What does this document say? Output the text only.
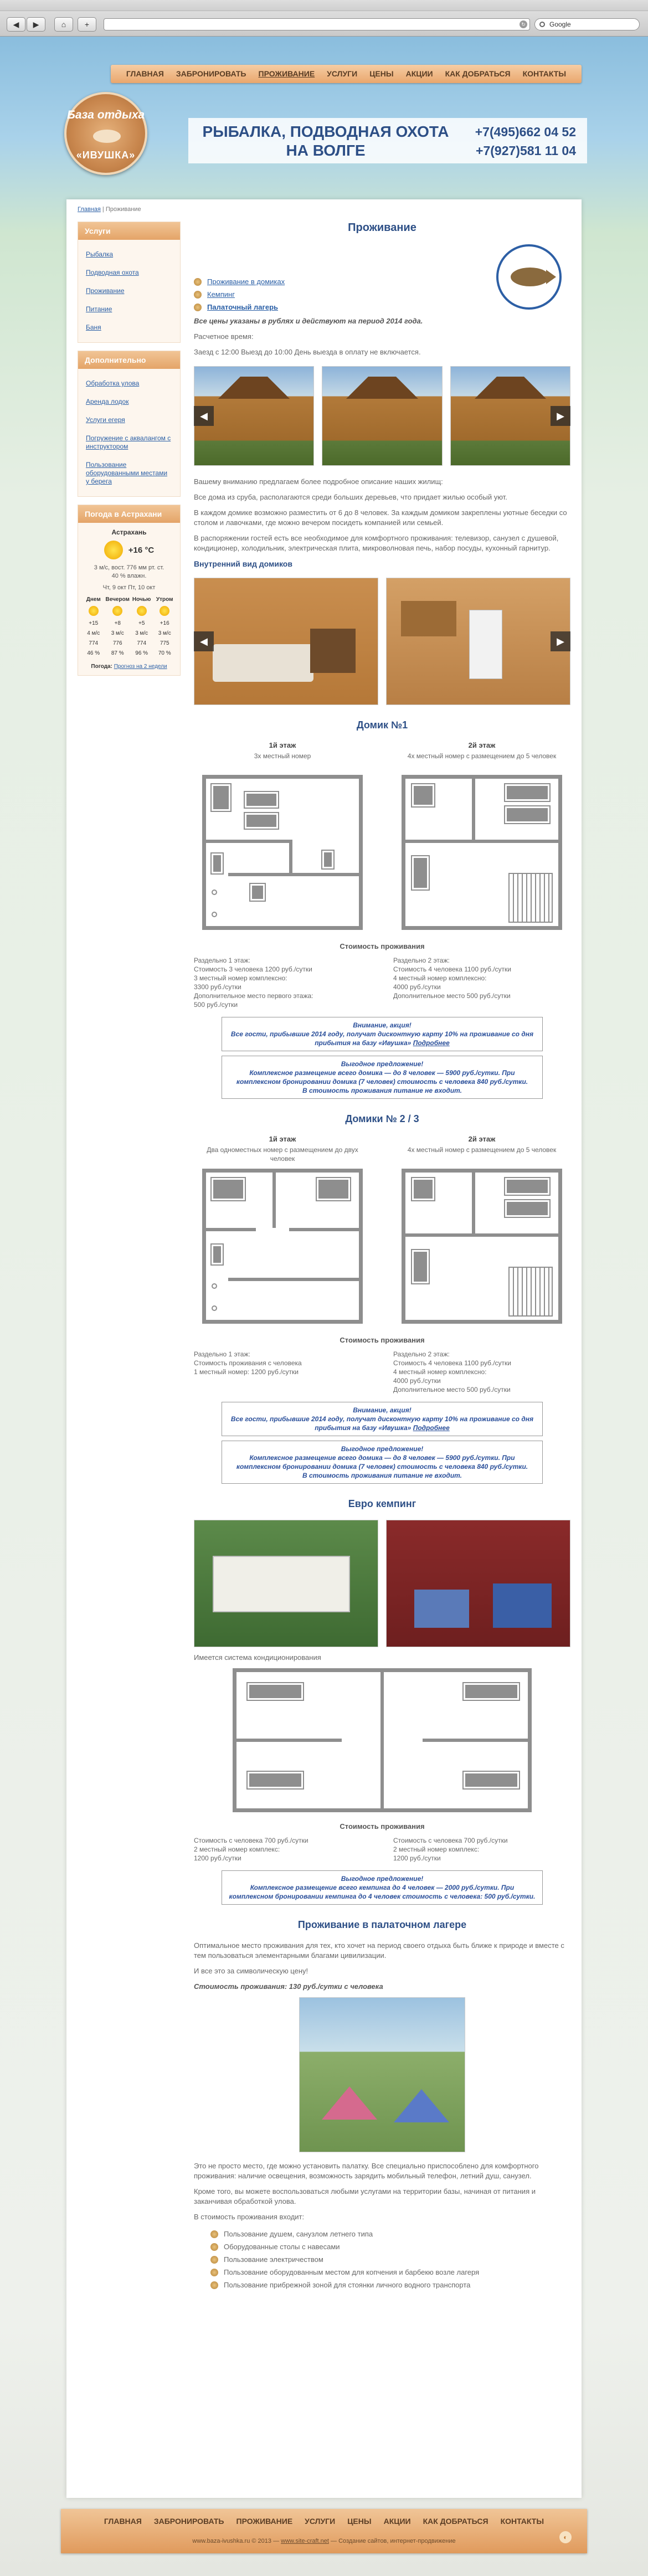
◀	▶	⌂	+	↻	Google
ГЛАВНАЯ ЗАБРОНИРОВАТЬ ПРОЖИВАНИЕ УСЛУГИ ЦЕНЫ АКЦИИ КАК ДОБРАТЬСЯ КОНТАКТЫ
База отдыха
«ИВУШКА»
РЫБАЛКА, ПОДВОДНАЯ ОХОТА
НА ВОЛГЕ
+7(495)662 04 52
+7(927)581 11 04
Главная | Проживание
Услуги
Рыбалка
Подводная охота
Проживание
Питание
Баня
Дополнительно
Обработка улова
Аренда лодок
Услуги егеря
Погружение с аквалангом с инструктором
Пользование оборудованными местами у берега
Погода в Астрахани
Астрахань
+16 °C
3 м/с, вост. 776 мм рт. ст.
40 % влажн.
Чт, 9 окт Пт, 10 окт
Днем Вечером Ночью Утром
+15	+8	+5	+16
4 м/с	3 м/с	3 м/с	3 м/с
774	776	774	775
46 %	87 %	96 %	70 %
Погода: Прогноз на 2 недели
Проживание
Проживание в домиках
Кемпинг
Палаточный лагерь

Все цены указаны в рублях и действуют на период 2014 года.

Расчетное время:

Заезд с 12:00 Выезд до 10:00 День выезда в оплату не включается.

◀	▶

Вашему вниманию предлагаем более подробное описание наших жилищ:

Все дома из сруба, располагаются среди больших деревьев, что придает жилью особый уют.

В каждом домике возможно разместить от 6 до 8 человек. За каждым домиком закреплены уютные беседки со столом и лавочками, где можно вечером посидеть компанией или семьей.

В распоряжении гостей есть все необходимое для комфортного проживания: телевизор, санузел с душевой, кондиционер, холодильник, электрическая плита, микроволновая печь, набор посуды, кухонный гарнитур.

Внутренний вид домиков

◀	▶
Домик №1
1й этаж
3х местный номер
2й этаж
4х местный номер с размещением до 5 человек
Стоимость проживания
Раздельно 1 этаж:
Стоимость 3 человека 1200 руб./сутки
3 местный номер комплексно:
3300 руб./сутки
Дополнительное место первого этажа:
500 руб./сутки
Раздельно 2 этаж:
Стоимость 4 человека 1100 руб./сутки
4 местный номер комплексно:
4000 руб./сутки
Дополнительное место 500 руб./сутки
Внимание, акция!
Все гости, прибывшие 2014 году, получат дисконтную карту 10% на проживание со дня прибытия на базу «Ивушка» Подробнее
Выгодное предложение!
Комплексное размещение всего домика — до 8 человек — 5900 руб./сутки. При комплексном бронировании домика (7 человек) стоимость с человека 840 руб./сутки.
В стоимость проживания питание не входит.
Домики № 2 / 3
1й этаж
Два одноместных номер с размещением до двух человек
2й этаж
4х местный номер с размещением до 5 человек
Стоимость проживания
Раздельно 1 этаж:
Стоимость проживания с человека
1 местный номер: 1200 руб./сутки
Раздельно 2 этаж:
Стоимость 4 человека 1100 руб./сутки
4 местный номер комплексно:
4000 руб./сутки
Дополнительное место 500 руб./сутки
Внимание, акция!
Все гости, прибывшие 2014 году, получат дисконтную карту 10% на проживание со дня прибытия на базу «Ивушка» Подробнее
Выгодное предложение!
Комплексное размещение всего домика — до 8 человек — 5900 руб./сутки. При комплексном бронировании домика (7 человек) стоимость с человека 840 руб./сутки.
В стоимость проживания питание не входит.
Евро кемпинг

Имеется система кондиционирования

Стоимость проживания
Стоимость с человека 700 руб./сутки
2 местный номер комплекс:
1200 руб./сутки
Стоимость с человека 700 руб./сутки
2 местный номер комплекс:
1200 руб./сутки
Выгодное предложение!
Комплексное размещение всего кемпинга до 4 человек — 2000 руб./сутки. При комплексном бронировании кемпинга до 4 человек стоимость с человека: 500 руб./сутки.
Проживание в палаточном лагере

Оптимальное место проживания для тех, кто хочет на период своего отдыха быть ближе к природе и вместе с тем пользоваться элементарными благами цивилизации.

И все это за символическую цену!

Стоимость проживания: 130 руб./сутки с человека

Это не просто место, где можно установить палатку. Все специально приспособлено для комфортного проживания: наличие освещения, возможность зарядить мобильный телефон, летний душ, санузел.

Кроме того, вы можете воспользоваться любыми услугами на территории базы, начиная от питания и заканчивая обработкой улова.

В стоимость проживания входит:

Пользование душем, санузлом летнего типа
Оборудованные столы с навесами
Пользование электричеством
Пользование оборудованным местом для копчения и барбекю возле лагеря
Пользование прибрежной зоной для стоянки личного водного транспорта
ГЛАВНАЯ ЗАБРОНИРОВАТЬ ПРОЖИВАНИЕ УСЛУГИ ЦЕНЫ АКЦИИ КАК ДОБРАТЬСЯ КОНТАКТЫ
www.baza-ivushka.ru © 2013 — www.site-craft.net — Создание сайтов, интернет-продвижение	◐
